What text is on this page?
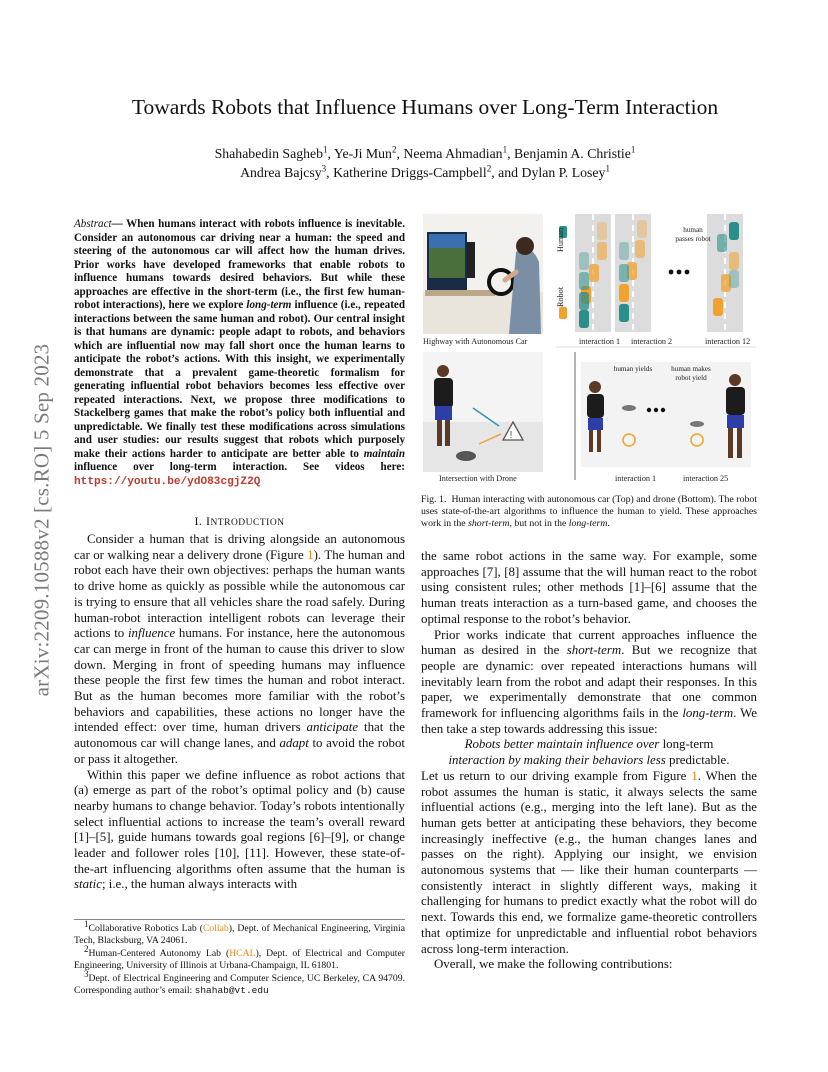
arXiv:2209.10588v2 [cs.RO] 5 Sep 2023
Towards Robots that Influence Humans over Long-Term Interaction
Shahabedin Sagheb$^1$, Ye-Ji Mun$^2$, Neema Ahmadian$^1$, Benjamin A. Christie$^1$
Andrea Bajcsy$^3$, Katherine Driggs-Campbell$^2$, and Dylan P. Losey$^1$
Abstract— When humans interact with robots influence is inevitable. Consider an autonomous car driving near a human: the speed and steering of the autonomous car will affect how the human drives. Prior works have developed frameworks that enable robots to influence humans towards desired behaviors. But while these approaches are effective in the short-term (i.e., the first few human-robot interactions), here we explore long-term influence (i.e., repeated interactions between the same human and robot). Our central insight is that humans are dynamic: people adapt to robots, and behaviors which are influential now may fall short once the human learns to anticipate the robot’s actions. With this insight, we experimentally demonstrate that a prevalent game-theoretic formalism for generating influential robot behaviors becomes less effective over repeated interactions. Next, we propose three modifications to Stackelberg games that make the robot’s policy both influential and unpredictable. We finally test these modifications across simulations and user studies: our results suggest that robots which purposely make their actions harder to anticipate are better able to maintain influence over long-term interaction. See videos here: https://youtu.be/ydO83cgjZ2Q
I. INTRODUCTION

Consider a human that is driving alongside an autonomous car or walking near a delivery drone (Figure 1). The human and robot each have their own objectives: perhaps the human wants to drive home as quickly as possible while the autonomous car is trying to ensure that all vehicles share the road safely. During human-robot interaction intelligent robots can leverage their actions to influence humans. For instance, here the autonomous car can merge in front of the human to cause this driver to slow down. Merging in front of speeding humans may influence these people the first few times the human and robot interact. But as the human becomes more familiar with the robot’s behaviors and capabilities, these actions no longer have the intended effect: over time, human drivers anticipate that the autonomous car will change lanes, and adapt to avoid the robot or pass it altogether.

Within this paper we define influence as robot actions that (a) emerge as part of the robot’s optimal policy and (b) cause nearby humans to change behavior. Today’s robots intentionally select influential actions to increase the team’s overall reward [1]–[5], guide humans towards goal regions [6]–[9], or change leader and follower roles [10], [11]. However, these state-of-the-art influencing algorithms often assume that the human is static; i.e., the human always interacts with

$^1$Collaborative Robotics Lab (Collab), Dept. of Mechanical Engineering, Virginia Tech, Blacksburg, VA 24061.
$^2$Human-Centered Autonomy Lab (HCAL), Dept. of Electrical and Computer Engineering, University of Illinois at Urbana-Champaign, IL 61801.
$^3$Dept. of Electrical Engineering and Computer Science, UC Berkeley, CA 94709. Corresponding author’s email: shahab@vt.edu
!
Highway with Autonomous Car
Intersection with Drone
Human
Robot
human passes robot
interaction 1 interaction 2	interaction 12
human yields	human makes robot yield
interaction 1	interaction 25
Fig. 1. Human interacting with autonomous car (Top) and drone (Bottom). The robot uses state-of-the-art algorithms to influence the human to yield. These approaches work in the short-term, but not in the long-term.

the same robot actions in the same way. For example, some approaches [7], [8] assume that the will human react to the robot using consistent rules; other methods [1]–[6] assume that the human treats interaction as a turn-based game, and chooses the optimal response to the robot’s behavior.

Prior works indicate that current approaches influence the human as desired in the short-term. But we recognize that people are dynamic: over repeated interactions humans will inevitably learn from the robot and adapt their responses. In this paper, we experimentally demonstrate that one common framework for influencing algorithms fails in the long-term. We then take a step towards addressing this issue:

Robots better maintain influence over long-term
interaction by making their behaviors less predictable.

Let us return to our driving example from Figure 1. When the robot assumes the human is static, it always selects the same influential actions (e.g., merging into the left lane). But as the human gets better at anticipating these behaviors, they become increasingly ineffective (e.g., the human changes lanes and passes on the right). Applying our insight, we envision autonomous systems that — like their human counterparts — consistently interact in slightly different ways, making it challenging for humans to predict exactly what the robot will do next. Towards this end, we formalize game-theoretic controllers that optimize for unpredictable and influential robot behaviors across long-term interaction.

Overall, we make the following contributions:
